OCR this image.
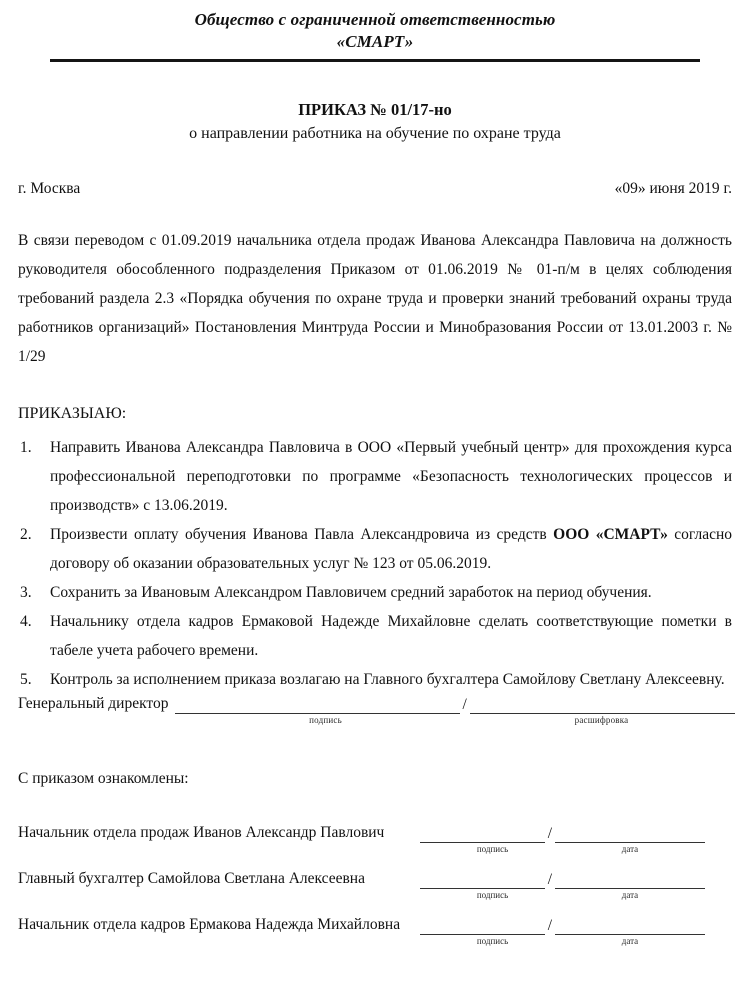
Общество с ограниченной ответственностью
«СМАРТ»
ПРИКАЗ № 01/17-но
о направлении работника на обучение по охране труда
г. Москва	«09» июня 2019 г.
В связи переводом с 01.09.2019 начальника отдела продаж Иванова Александра Павловича на должность руководителя обособленного подразделения Приказом от 01.06.2019 № 01-п/м в целях соблюдения требований раздела 2.3 «Порядка обучения по охране труда и проверки знаний требований охраны труда работников организаций» Постановления Минтруда России и Минобразования России от 13.01.2003 г. № 1/29
ПРИКАЗЫАЮ:
1. Направить Иванова Александра Павловича в ООО «Первый учебный центр» для прохождения курса профессиональной переподготовки по программе «Безопасность технологических процессов и производств» с 13.06.2019.
2. Произвести оплату обучения Иванова Павла Александровича из средств ООО «СМАРТ» согласно договору об оказании образовательных услуг № 123 от 05.06.2019.
3. Сохранить за Ивановым Александром Павловичем средний заработок на период обучения.
4. Начальнику отдела кадров Ермаковой Надежде Михайловне сделать соответствующие пометки в табеле учета рабочего времени.
5. Контроль за исполнением приказа возлагаю на Главного бухгалтера Самойлову Светлану Алексеевну.
Генеральный директор	/
подпись	расшифровка
С приказом ознакомлены:
Начальник отдела продаж Иванов Александр Павлович	/
подпись	дата
Главный бухгалтер Самойлова Светлана Алексеевна	/
подпись	дата
Начальник отдела кадров Ермакова Надежда Михайловна	/
подпись	дата
